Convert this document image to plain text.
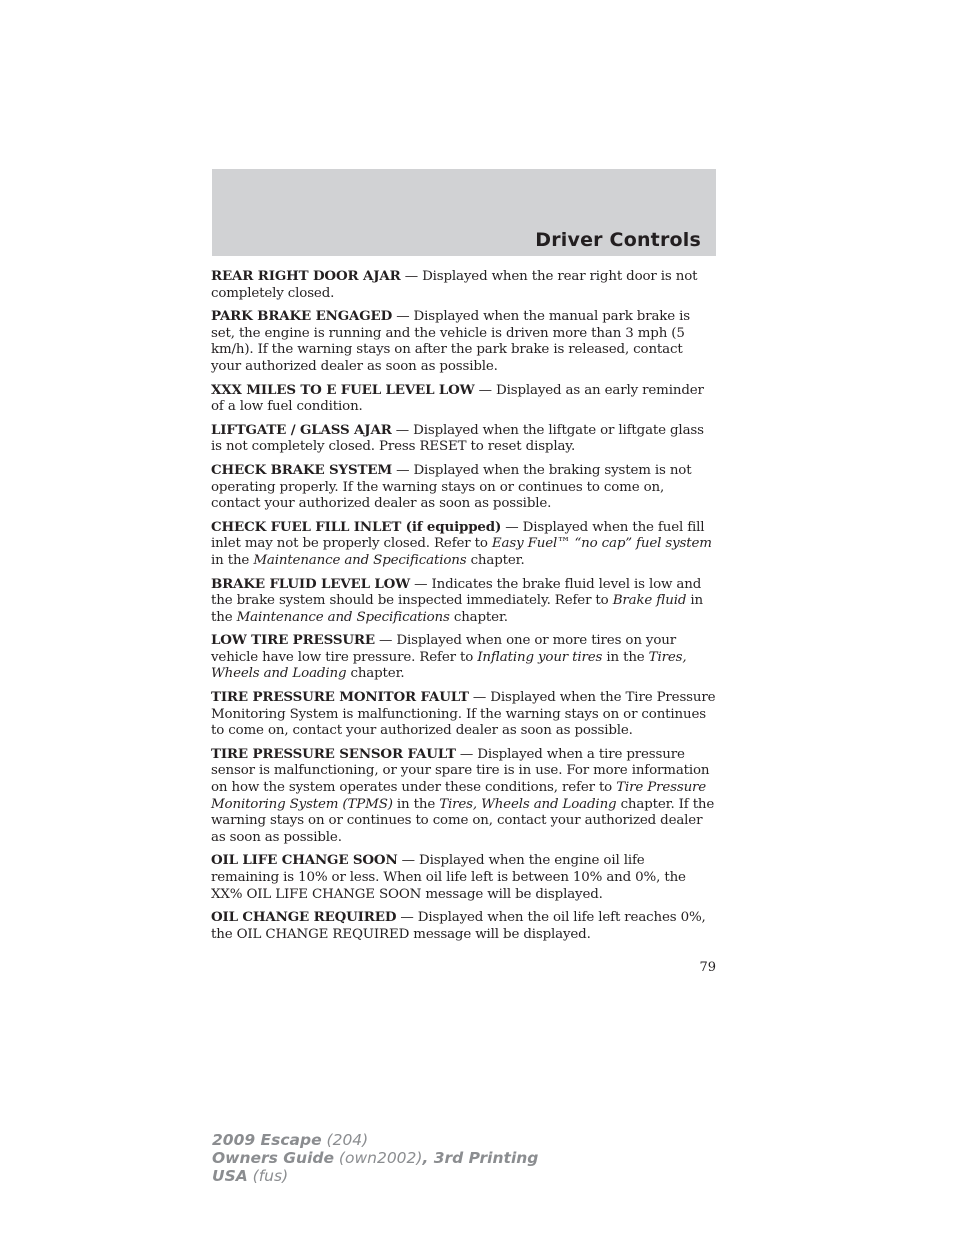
Driver Controls

REAR RIGHT DOOR AJAR — Displayed when the rear right door is not completely closed.

PARK BRAKE ENGAGED — Displayed when the manual park brake is set, the engine is running and the vehicle is driven more than 3 mph (5 km/h). If the warning stays on after the park brake is released, contact your authorized dealer as soon as possible.

XXX MILES TO E FUEL LEVEL LOW — Displayed as an early reminder of a low fuel condition.

LIFTGATE / GLASS AJAR — Displayed when the liftgate or liftgate glass is not completely closed. Press RESET to reset display.

CHECK BRAKE SYSTEM — Displayed when the braking system is not operating properly. If the warning stays on or continues to come on, contact your authorized dealer as soon as possible.

CHECK FUEL FILL INLET (if equipped) — Displayed when the fuel fill inlet may not be properly closed. Refer to Easy Fuel™ “no cap” fuel system in the Maintenance and Specifications chapter.

BRAKE FLUID LEVEL LOW — Indicates the brake fluid level is low and the brake system should be inspected immediately. Refer to Brake fluid in the Maintenance and Specifications chapter.

LOW TIRE PRESSURE — Displayed when one or more tires on your vehicle have low tire pressure. Refer to Inflating your tires in the Tires, Wheels and Loading chapter.

TIRE PRESSURE MONITOR FAULT — Displayed when the Tire Pressure Monitoring System is malfunctioning. If the warning stays on or continues to come on, contact your authorized dealer as soon as possible.

TIRE PRESSURE SENSOR FAULT — Displayed when a tire pressure sensor is malfunctioning, or your spare tire is in use. For more information on how the system operates under these conditions, refer to Tire Pressure Monitoring System (TPMS) in the Tires, Wheels and Loading chapter. If the warning stays on or continues to come on, contact your authorized dealer as soon as possible.

OIL LIFE CHANGE SOON — Displayed when the engine oil life remaining is 10% or less. When oil life left is between 10% and 0%, the XX% OIL LIFE CHANGE SOON message will be displayed.

OIL CHANGE REQUIRED — Displayed when the oil life left reaches 0%, the OIL CHANGE REQUIRED message will be displayed.

79
2009 Escape (204)
Owners Guide (own2002), 3rd Printing
USA (fus)
